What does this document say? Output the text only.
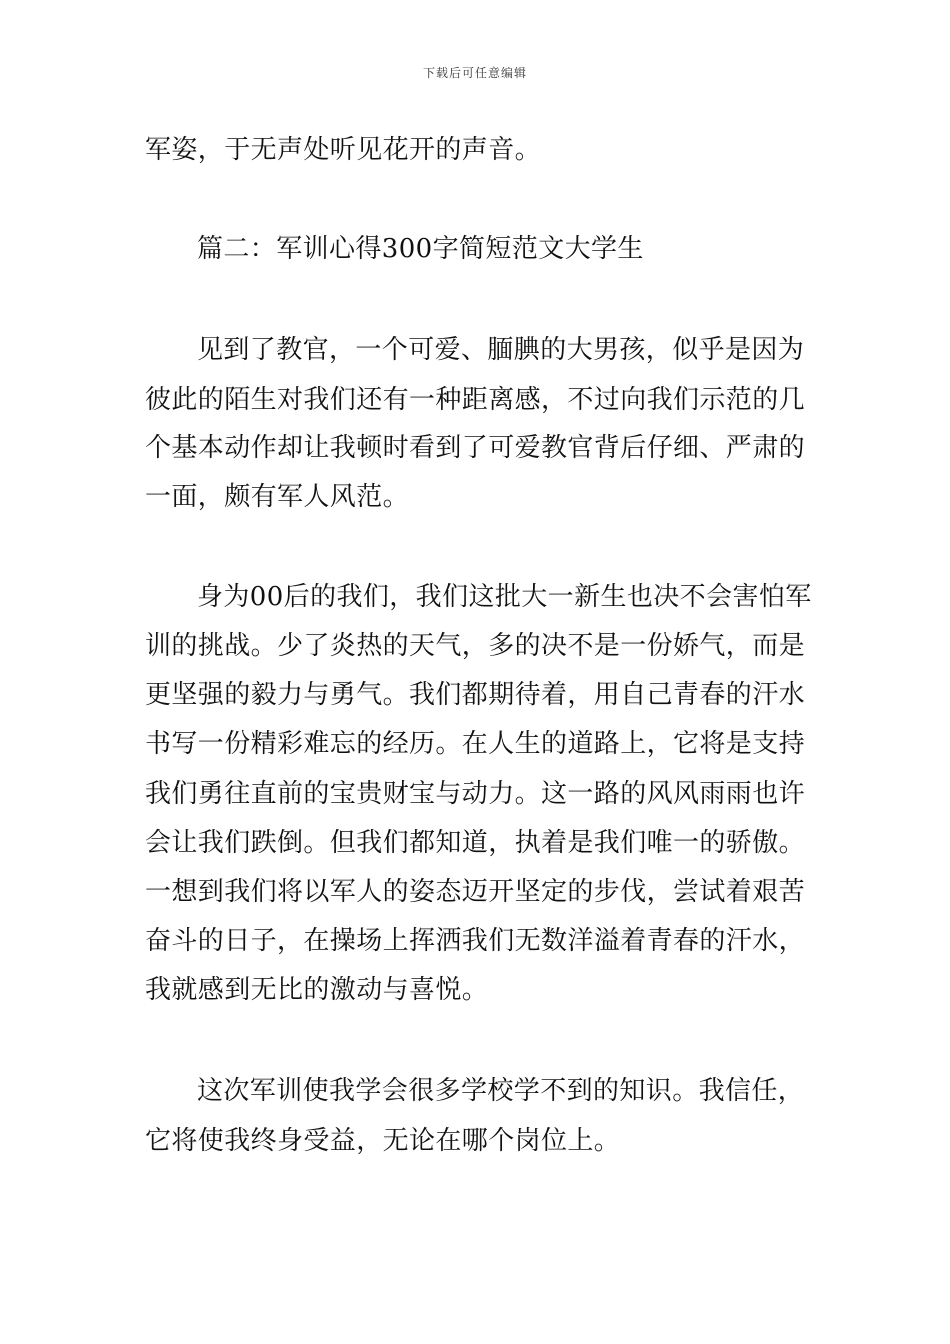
下载后可任意编辑
军姿，于无声处听见花开的声音。
篇二：军训心得300字简短范文大学生
见到了教官，一个可爱、腼腆的大男孩，似乎是因为
彼此的陌生对我们还有一种距离感，不过向我们示范的几
个基本动作却让我顿时看到了可爱教官背后仔细、严肃的
一面，颇有军人风范。
身为00后的我们，我们这批大一新生也决不会害怕军
训的挑战。少了炎热的天气，多的决不是一份娇气，而是
更坚强的毅力与勇气。我们都期待着，用自己青春的汗水
书写一份精彩难忘的经历。在人生的道路上，它将是支持
我们勇往直前的宝贵财宝与动力。这一路的风风雨雨也许
会让我们跌倒。但我们都知道，执着是我们唯一的骄傲。
一想到我们将以军人的姿态迈开坚定的步伐，尝试着艰苦
奋斗的日子，在操场上挥洒我们无数洋溢着青春的汗水，
我就感到无比的激动与喜悦。
这次军训使我学会很多学校学不到的知识。我信任，
它将使我终身受益，无论在哪个岗位上。
